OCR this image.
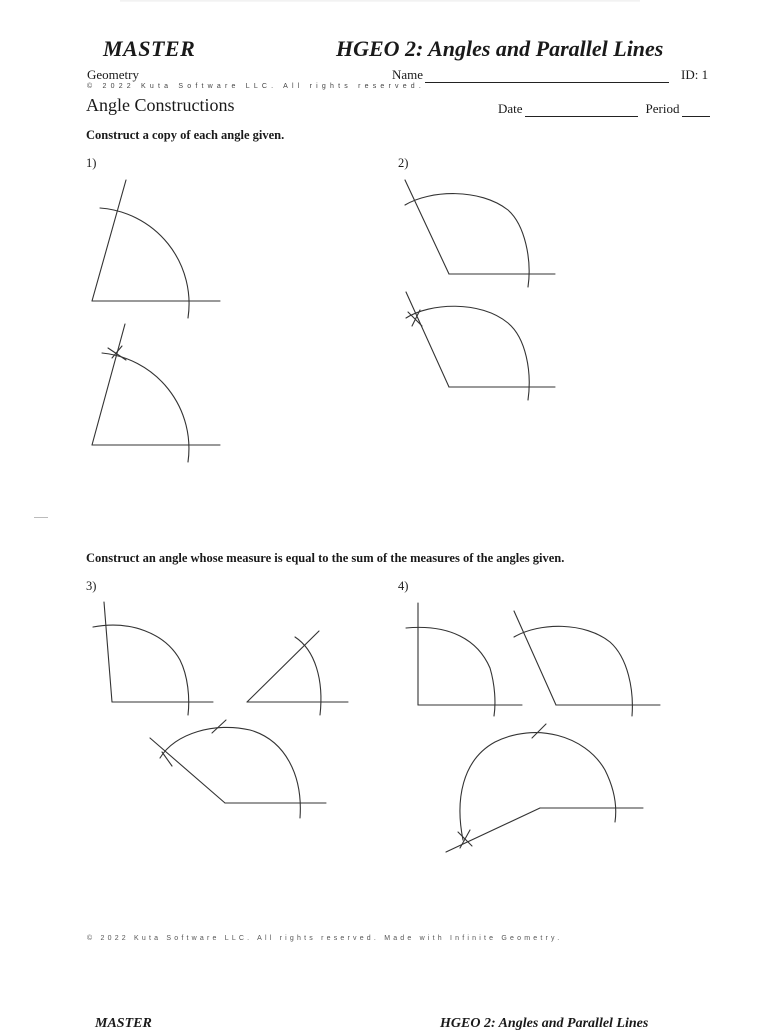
MASTER	HGEO 2: Angles and Parallel Lines
Geometry	Name	ID: 1
© 2022 Kuta Software LLC. All rights reserved.
Angle Constructions	Date	Period
Construct a copy of each angle given.
1)	2)
Construct an angle whose measure is equal to the sum of the measures of the angles given.
3)	4)
© 2022 Kuta Software LLC. All rights reserved. Made with Infinite Geometry.
MASTER	HGEO 2: Angles and Parallel Lines
